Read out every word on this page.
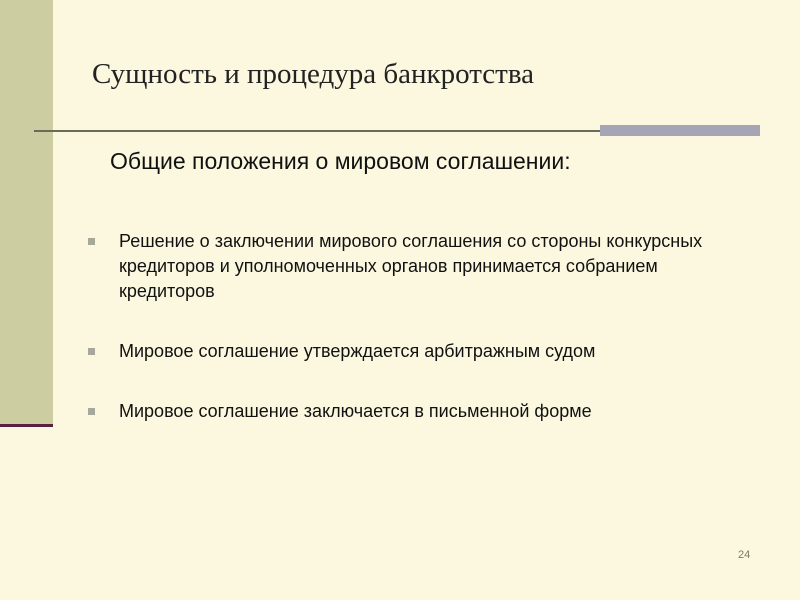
Сущность и процедура банкротства
Общие положения о мировом соглашении:
Решение о заключении мирового соглашения со стороны конкурсных кредиторов и уполномоченных органов принимается собранием кредиторов
Мировое соглашение утверждается арбитражным судом
Мировое соглашение заключается в письменной форме
24
